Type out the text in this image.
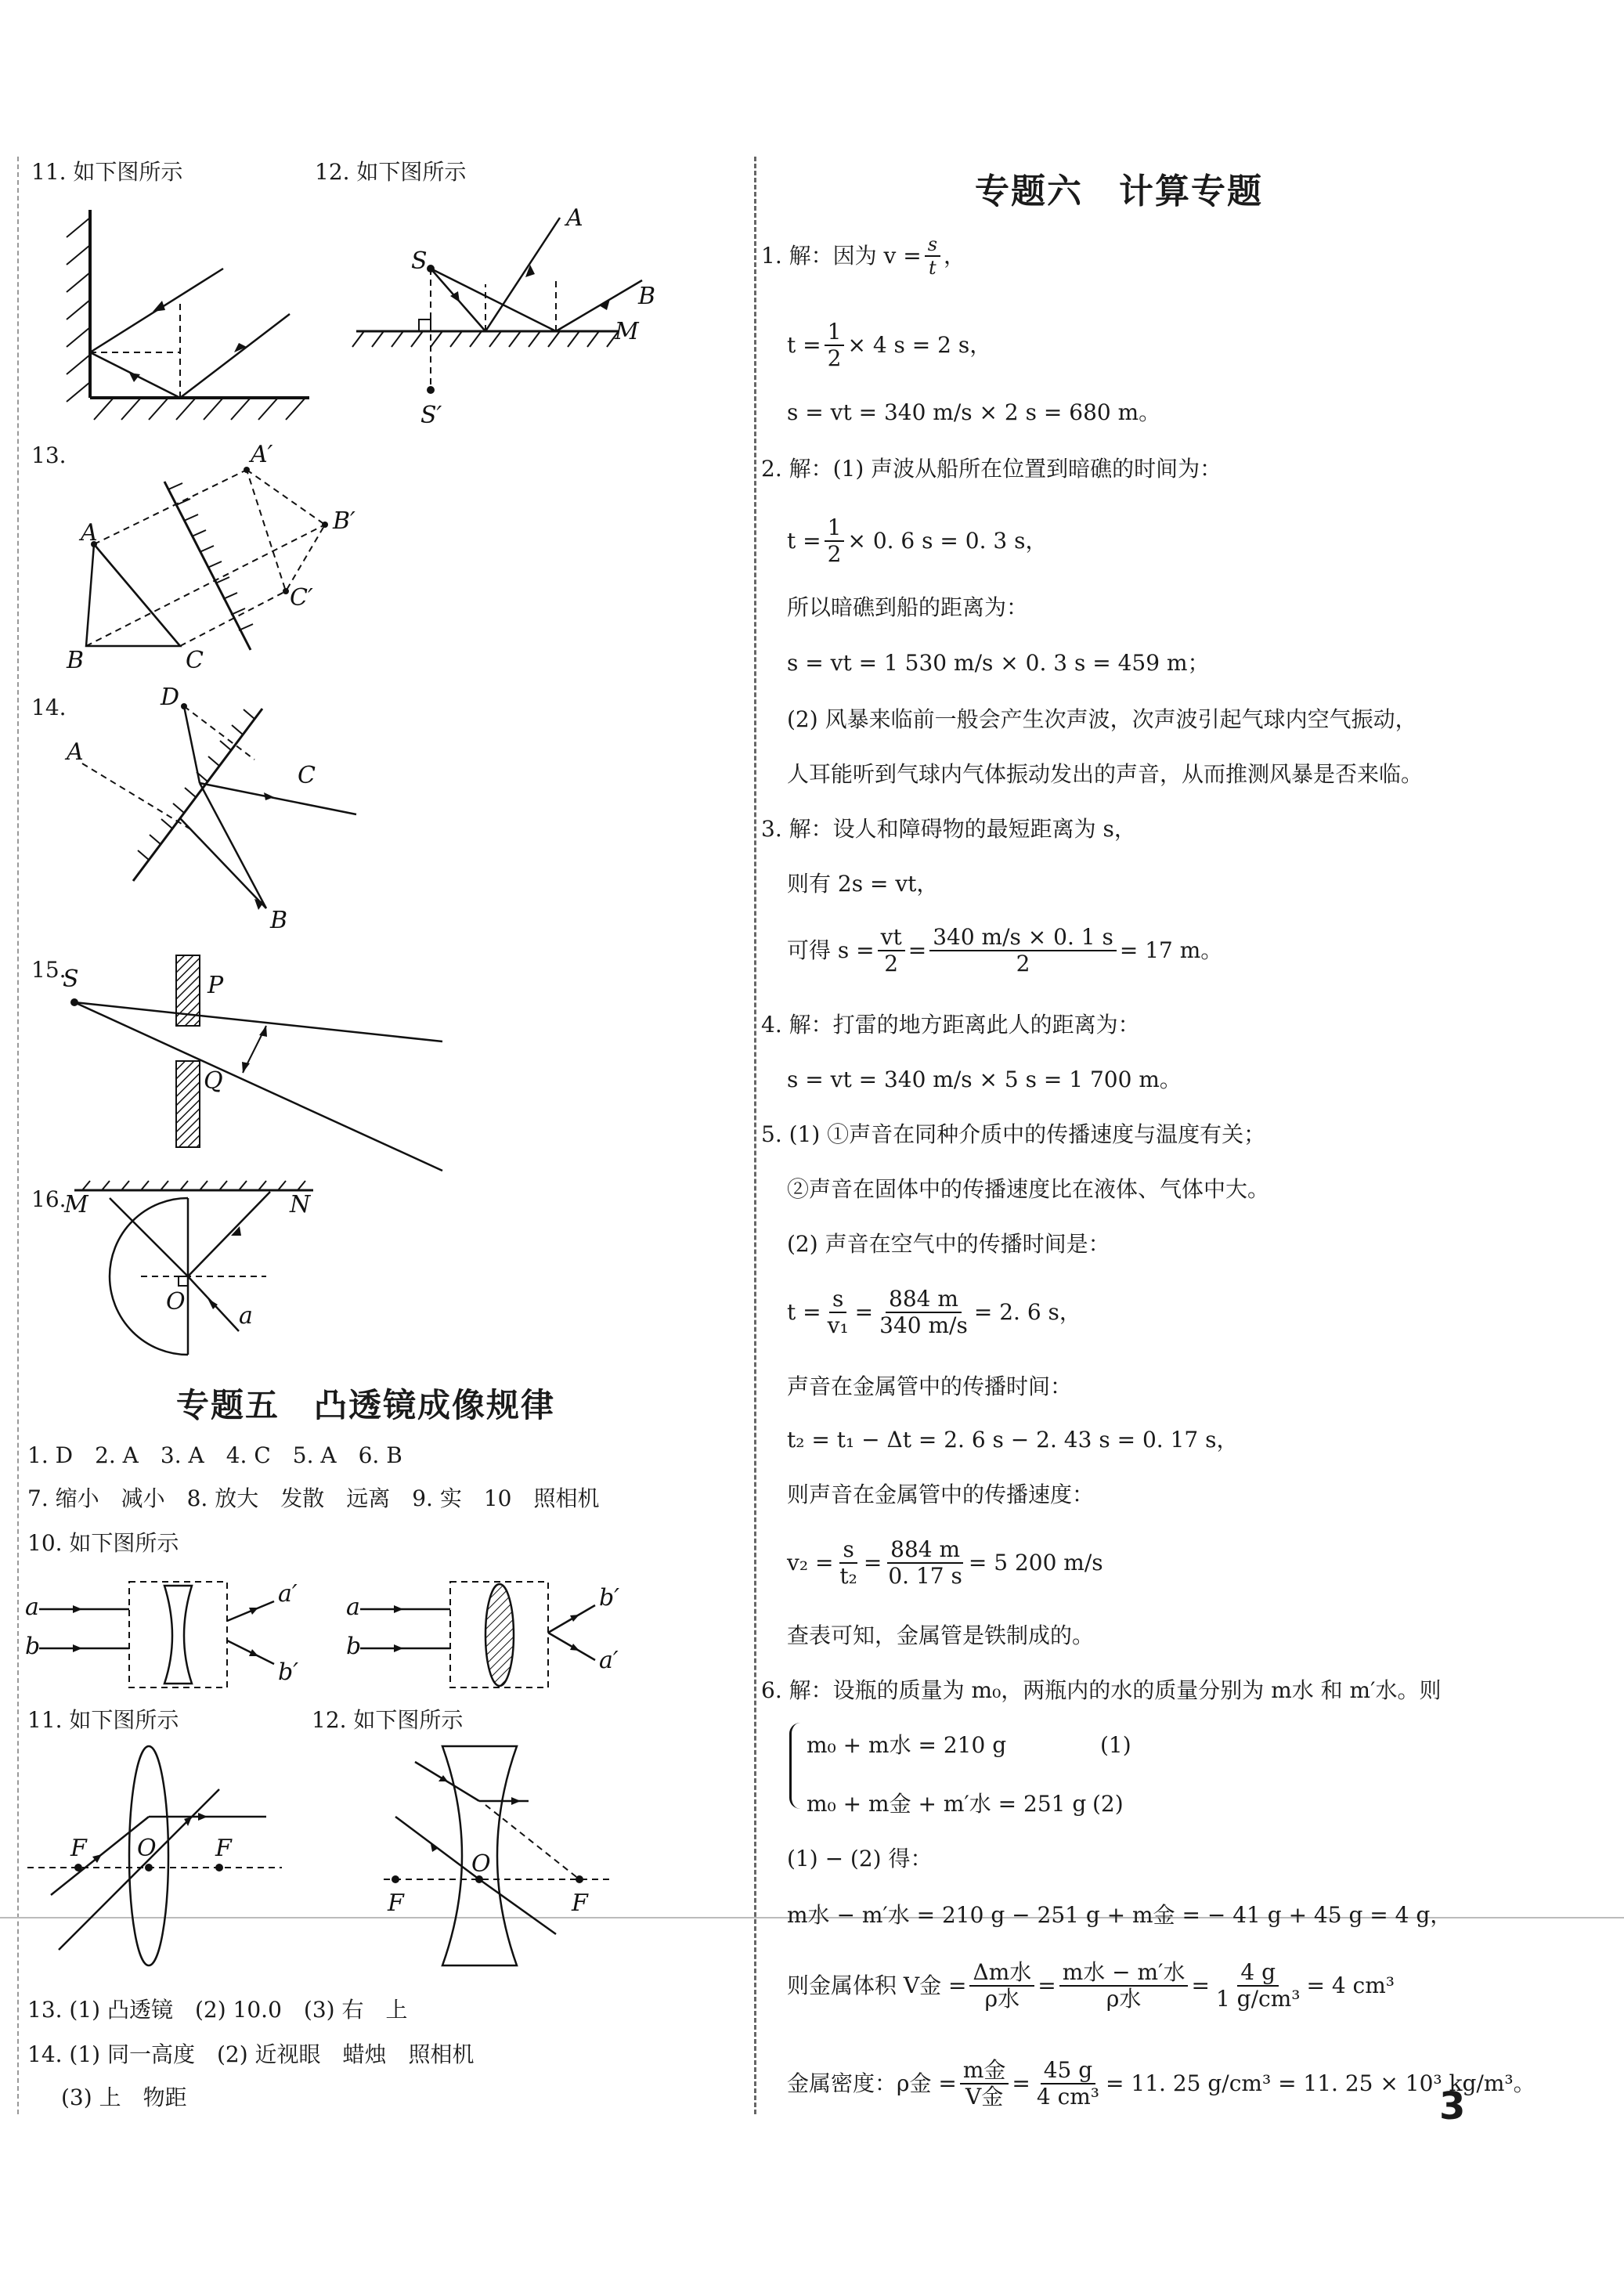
11. 如下图所示	12. 如下图所示
S
A
B
M
S′
13.
A
B	C
A′
B′
C′
14.	D
A
C
B
15.
S	P
Q
16.
M	N
O
a
专题五　凸透镜成像规律
1. D　2. A　3. A　4. C　5. A　6. B
7. 缩小　减小　8. 放大　发散　远离　9. 实　10　照相机
10. 如下图所示
a
b
a′
b′
a
b
b′
a′
11. 如下图所示	12. 如下图所示
F O	F
F
O
F
13. (1) 凸透镜　(2) 10.0　(3) 右　上
14. (1) 同一高度　(2) 近视眼　蜡烛　照相机
(3) 上　物距
专题六　计算专题
1. 解：因为 $v = \frac{s}{t}$ ，
$t = \frac{1}{2} \times 4$ s = 2 s，
s = vt = 340 m/s × 2 s = 680 m。
2. 解：(1) 声波从船所在位置到暗礁的时间为：
$t = \frac{1}{2} \times 0$. 6 s = 0. 3 s，
所以暗礁到船的距离为：
s = vt = 1 530 m/s × 0. 3 s = 459 m；
(2) 风暴来临前一般会产生次声波，次声波引起气球内空气振动，
人耳能听到气球内气体振动发出的声音，从而推测风暴是否来临。
3. 解：设人和障碍物的最短距离为 s，
则有 2s = vt，
可得 $s = \frac{vt}{2} = \frac{340 m/s \times 0. 1 s}{2} = 17$ m。
4. 解：打雷的地方距离此人的距离为：
s = vt = 340 m/s × 5 s = 1 700 m。
5. (1) ①声音在同种介质中的传播速度与温度有关；
②声音在固体中的传播速度比在液体、气体中大。
(2) 声音在空气中的传播时间是：
$t = \frac{s}{\text{v₁}} = \frac{884 m}{340 m/s} = 2$. 6 s，
声音在金属管中的传播时间：
t₂ = t₁ − Δt = 2. 6 s − 2. 43 s = 0. 17 s，
则声音在金属管中的传播速度：
$v_2 = \frac{s}{\text{t₂}} = \frac{884 m}{0. 17 s} = 5$ 200 m/s
查表可知，金属管是铁制成的。
6. 解：设瓶的质量为 m₀，两瓶内的水的质量分别为 m水 和 m′水。则
m₀ + m水 = 210 g	(1)
m₀ + m金 + m′水 = 251 g (2)
(1) − (2) 得：
m水 − m′水 = 210 g − 251 g + m金 = − 41 g + 45 g = 4 g，
则金属体积 V金 = $\frac{\text{Δm水}}{\text{ρ水}} = \frac{\text{m水 − m′水}}{\text{ρ水}} = \frac{4 g}{\text{1 g/cm³}} = 4$ cm³
金属密度：ρ金 = $\frac{\text{m金}}{\text{V金}} = \frac{45 g}{\text{4 cm³}} = 11$. 25 g/cm³ = 11. 25 × 10³ kg/m³。
3
